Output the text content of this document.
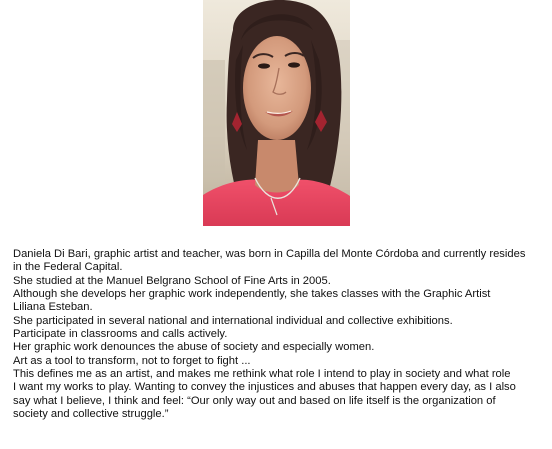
Daniela Di Bari, graphic artist and teacher, was born in Capilla del Monte Córdoba and currently resides
in the Federal Capital.
She studied at the Manuel Belgrano School of Fine Arts in 2005.
Although she develops her graphic work independently, she takes classes with the Graphic Artist
Liliana Esteban.
She participated in several national and international individual and collective exhibitions.
Participate in classrooms and calls actively.
Her graphic work denounces the abuse of society and especially women.
Art as a tool to transform, not to forget to fight ...
This defines me as an artist, and makes me rethink what role I intend to play in society and what role
I want my works to play. Wanting to convey the injustices and abuses that happen every day, as I also
say what I believe, I think and feel: “Our only way out and based on life itself is the organization of
society and collective struggle.”
